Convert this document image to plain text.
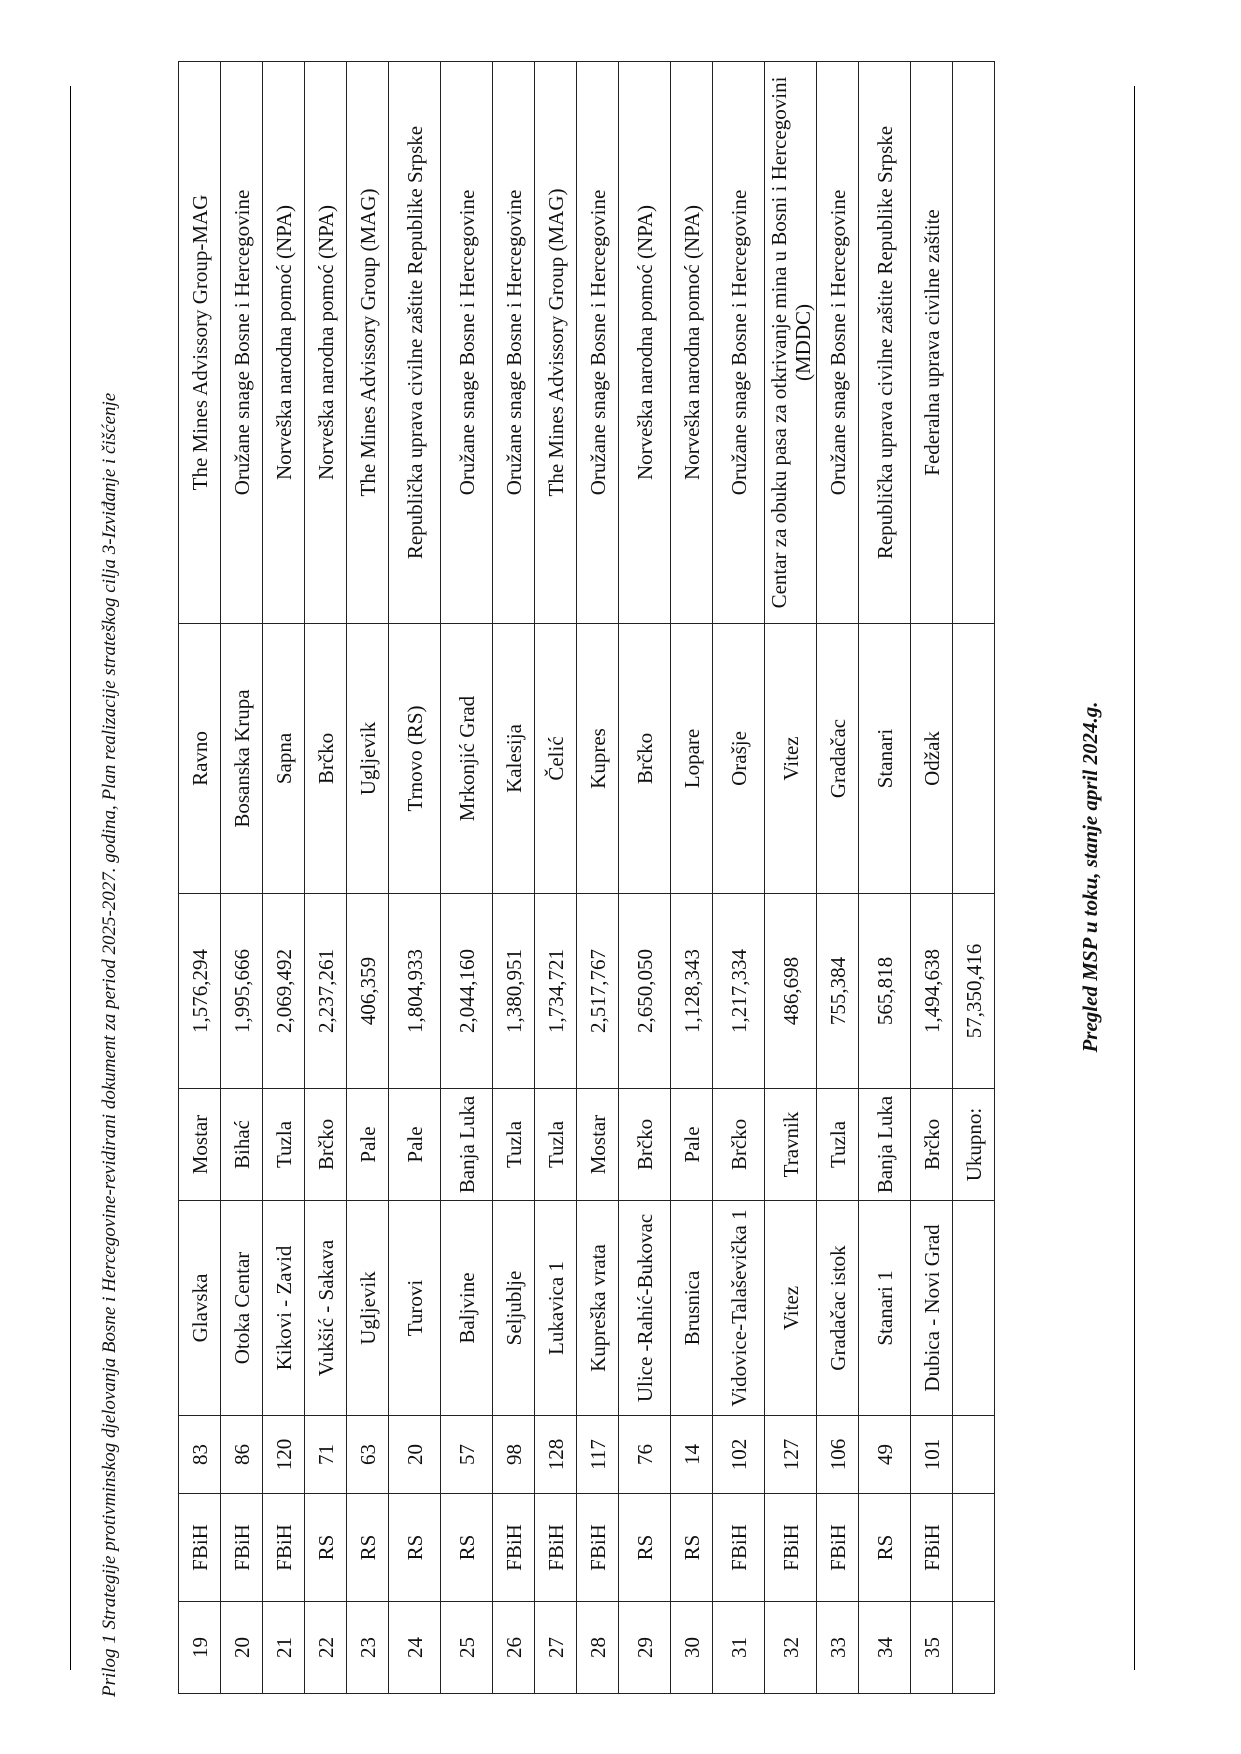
Prilog 1 Strategije protivminskog djelovanja Bosne i Hercegovine-revidirani dokument za period 2025-2027. godina, Plan realizacije strateškog cilja 3-Izviđanje i čišćenje	19	FBiH	83	Glavska	Mostar	1,576,294	Ravno	The Mines Advissory Group-MAG
20	FBiH	86	Otoka Centar	Bihać	1,995,666	Bosanska Krupa	Oružane snage Bosne i Hercegovine
21	FBiH	120	Kikovi - Zavid	Tuzla	2,069,492	Sapna	Norveška narodna pomoć (NPA)
22	RS	71	Vukšić - Sakava	Brčko	2,237,261	Brčko	Norveška narodna pomoć (NPA)
23	RS	63	Ugljevik	Pale	406,359	Ugljevik	The Mines Advissory Group (MAG)
24	RS	20	Turovi	Pale	1,804,933	Trnovo (RS)	Republička uprava civilne zaštite Republike Srpske
25	RS	57	Baljvine	Banja Luka	2,044,160	Mrkonjić Grad	Oružane snage Bosne i Hercegovine
26	FBiH	98	Seljublje	Tuzla	1,380,951	Kalesija	Oružane snage Bosne i Hercegovine
27	FBiH	128	Lukavica 1	Tuzla	1,734,721	Čelić	The Mines Advissory Group (MAG)
28	FBiH	117	Kupreška vrata	Mostar	2,517,767	Kupres	Oružane snage Bosne i Hercegovine
29	RS	76	Ulice -Rahić-Bukovac	Brčko	2,650,050	Brčko	Norveška narodna pomoć (NPA)
30	RS	14	Brusnica	Pale	1,128,343	Lopare	Norveška narodna pomoć (NPA)
31	FBiH	102	Vidovice-Talaševička 1	Brčko	1,217,334	Orašje	Oružane snage Bosne i Hercegovine
32	FBiH	127	Vitez	Travnik	486,698	Vitez	Centar za obuku pasa za otkrivanje mina u Bosni i Hercegovini (MDDC)
33	FBiH	106	Gradačac istok	Tuzla	755,384	Gradačac	Oružane snage Bosne i Hercegovine
34	RS	49	Stanari 1	Banja Luka	565,818	Stanari	Republička uprava civilne zaštite Republike Srpske
35	FBiH	101	Dubica - Novi Grad	Brčko	1,494,638	Odžak	Federalna uprava civilne zaštite
				Ukupno:	57,350,416			Pregled MSP u toku, stanje april 2024.g.
